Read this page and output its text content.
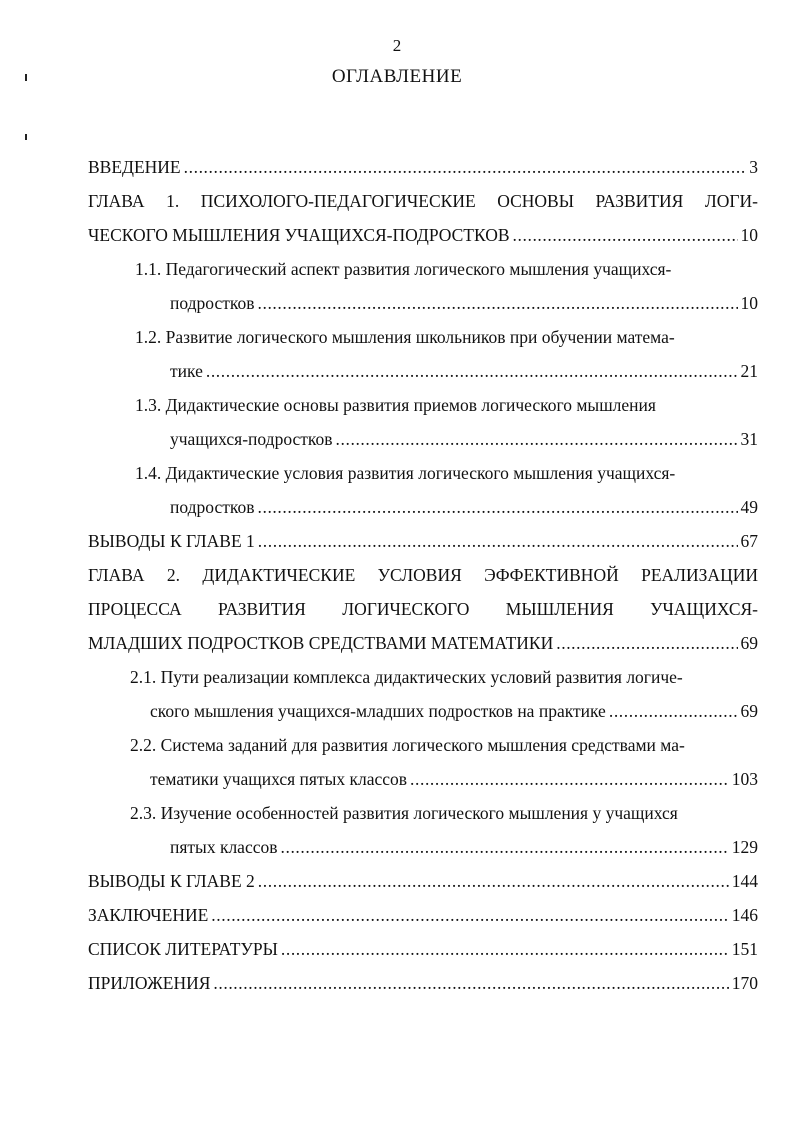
2
ОГЛАВЛЕНИЕ
ВВЕДЕНИЕ .....	3
ГЛАВА 1. ПСИХОЛОГО-ПЕДАГОГИЧЕСКИЕ ОСНОВЫ РАЗВИТИЯ ЛОГИ-
ЧЕСКОГО МЫШЛЕНИЯ УЧАЩИХСЯ-ПОДРОСТКОВ .....	10
1.1. Педагогический аспект развития логического мышления учащихся-
подростков .....	10
1.2. Развитие логического мышления школьников при обучении матема-
тике .....	21
1.3. Дидактические основы развития приемов логического мышления
учащихся-подростков .....	31
1.4. Дидактические условия развития логического мышления учащихся-
подростков .....	49
ВЫВОДЫ К ГЛАВЕ 1 .....	67
ГЛАВА 2. ДИДАКТИЧЕСКИЕ УСЛОВИЯ ЭФФЕКТИВНОЙ РЕАЛИЗАЦИИ
ПРОЦЕССА РАЗВИТИЯ ЛОГИЧЕСКОГО МЫШЛЕНИЯ УЧАЩИХСЯ-
МЛАДШИХ ПОДРОСТКОВ СРЕДСТВАМИ МАТЕМАТИКИ .....	69
2.1. Пути реализации комплекса дидактических условий развития логиче-
ского мышления учащихся-младших подростков на практике .....	69
2.2. Система заданий для развития логического мышления средствами ма-
тематики учащихся пятых классов .....	103
2.3. Изучение особенностей развития логического мышления у учащихся
пятых классов .....	129
ВЫВОДЫ К ГЛАВЕ 2 .....	144
ЗАКЛЮЧЕНИЕ .....	146
СПИСОК ЛИТЕРАТУРЫ .....	151
ПРИЛОЖЕНИЯ .....	170
